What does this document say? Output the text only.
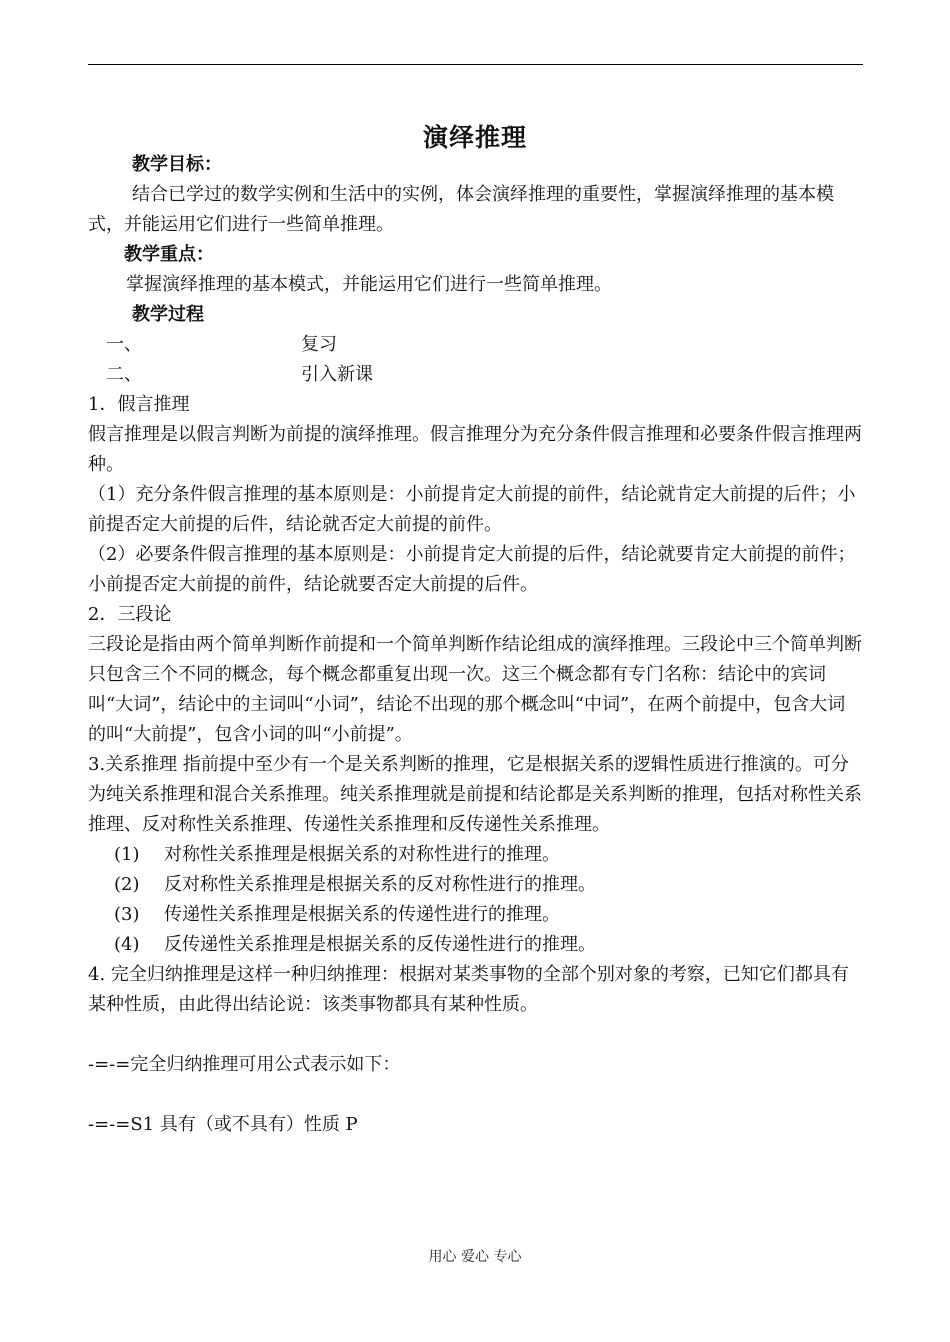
演绎推理

教学目标：

结合已学过的数学实例和生活中的实例，体会演绎推理的重要性，掌握演绎推理的基本模式，并能运用它们进行一些简单推理。

教学重点：

掌握演绎推理的基本模式，并能运用它们进行一些简单推理。

教学过程

一、	复习
二、	引入新课

1．假言推理

假言推理是以假言判断为前提的演绎推理。假言推理分为充分条件假言推理和必要条件假言推理两种。

（1）充分条件假言推理的基本原则是：小前提肯定大前提的前件，结论就肯定大前提的后件；小前提否定大前提的后件，结论就否定大前提的前件。

（2）必要条件假言推理的基本原则是：小前提肯定大前提的后件，结论就要肯定大前提的前件；小前提否定大前提的前件，结论就要否定大前提的后件。

2．三段论

三段论是指由两个简单判断作前提和一个简单判断作结论组成的演绎推理。三段论中三个简单判断只包含三个不同的概念，每个概念都重复出现一次。这三个概念都有专门名称：结论中的宾词叫“大词”，结论中的主词叫“小词”，结论不出现的那个概念叫“中词”，在两个前提中，包含大词的叫“大前提”，包含小词的叫“小前提”。

3.关系推理 指前提中至少有一个是关系判断的推理，它是根据关系的逻辑性质进行推演的。可分为纯关系推理和混合关系推理。纯关系推理就是前提和结论都是关系判断的推理，包括对称性关系推理、反对称性关系推理、传递性关系推理和反传递性关系推理。

(1)	对称性关系推理是根据关系的对称性进行的推理。
(2)	反对称性关系推理是根据关系的反对称性进行的推理。
(3)	传递性关系推理是根据关系的传递性进行的推理。
(4)	反传递性关系推理是根据关系的反传递性进行的推理。

4. 完全归纳推理是这样一种归纳推理：根据对某类事物的全部个别对象的考察，已知它们都具有某种性质，由此得出结论说：该类事物都具有某种性质。

-=-=完全归纳推理可用公式表示如下：

-=-=S1 具有（或不具有）性质 P

用心 爱心 专心
